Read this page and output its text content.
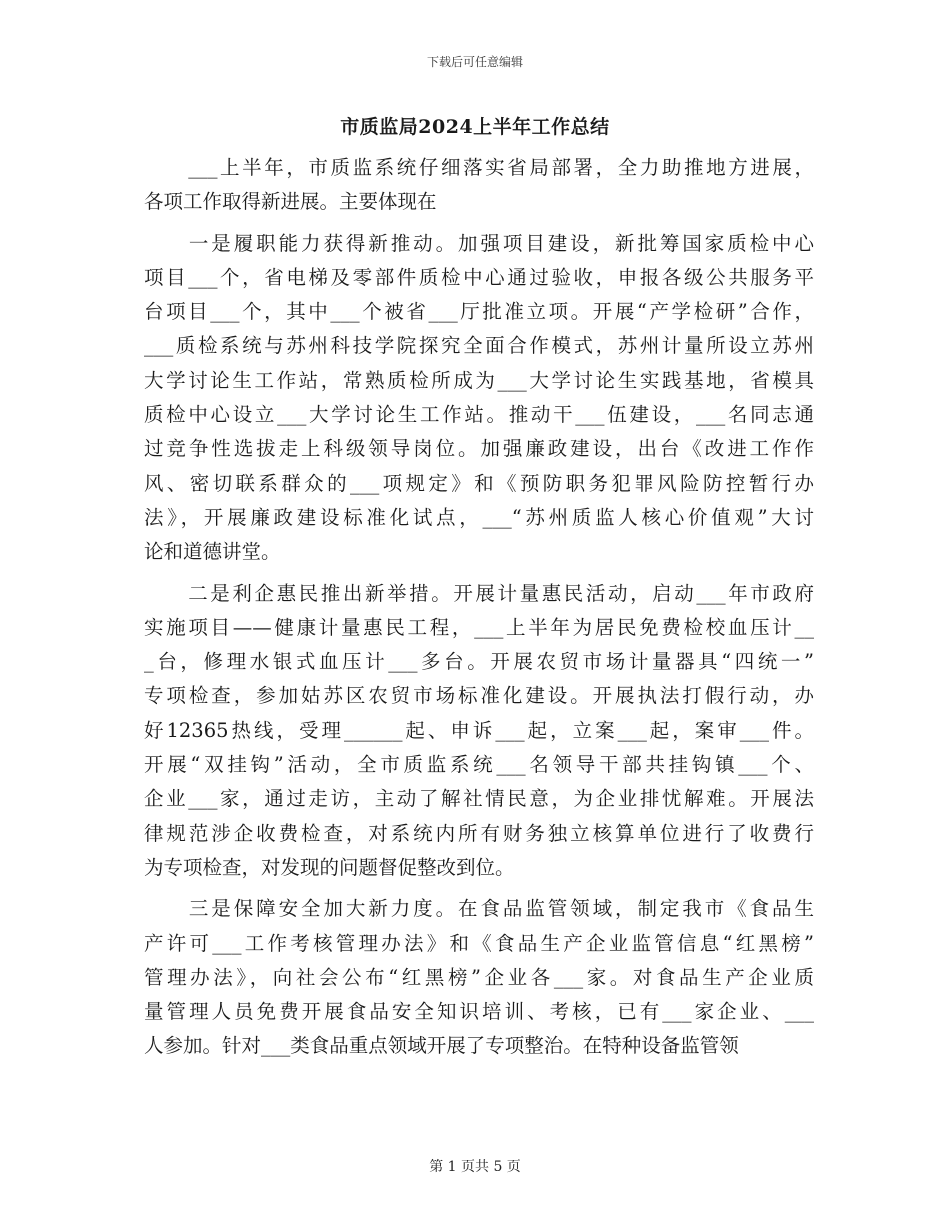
下载后可任意编辑
市质监局2024上半年工作总结
　　___上半年，市质监系统仔细落实省局部署，全力助推地方进展，
各项工作取得新进展。主要体现在
　　一是履职能力获得新推动。加强项目建设，新批筹国家质检中心
项目___个，省电梯及零部件质检中心通过验收，申报各级公共服务平
台项目___个，其中___个被省___厅批准立项。开展“产学检研”合作，
___质检系统与苏州科技学院探究全面合作模式，苏州计量所设立苏州
大学讨论生工作站，常熟质检所成为___大学讨论生实践基地，省模具
质检中心设立___大学讨论生工作站。推动干___伍建设，___名同志通
过竞争性选拔走上科级领导岗位。加强廉政建设，出台《改进工作作
风、密切联系群众的___项规定》和《预防职务犯罪风险防控暂行办
法》，开展廉政建设标准化试点，___“苏州质监人核心价值观”大讨
论和道德讲堂。
　　二是利企惠民推出新举措。开展计量惠民活动，启动___年市政府
实施项目——健康计量惠民工程，___上半年为居民免费检校血压计__
_台，修理水银式血压计___多台。开展农贸市场计量器具“四统一”
专项检查，参加姑苏区农贸市场标准化建设。开展执法打假行动，办
好12365热线，受理______起、申诉___起，立案___起，案审___件。
开展“双挂钩”活动，全市质监系统___名领导干部共挂钩镇___个、
企业___家，通过走访，主动了解社情民意，为企业排忧解难。开展法
律规范涉企收费检查，对系统内所有财务独立核算单位进行了收费行
为专项检查，对发现的问题督促整改到位。
　　三是保障安全加大新力度。在食品监管领域，制定我市《食品生
产许可___工作考核管理办法》和《食品生产企业监管信息“红黑榜”
管理办法》，向社会公布“红黑榜”企业各___家。对食品生产企业质
量管理人员免费开展食品安全知识培训、考核，已有___家企业、___
人参加。针对___类食品重点领域开展了专项整治。在特种设备监管领
第 1 页共 5 页
